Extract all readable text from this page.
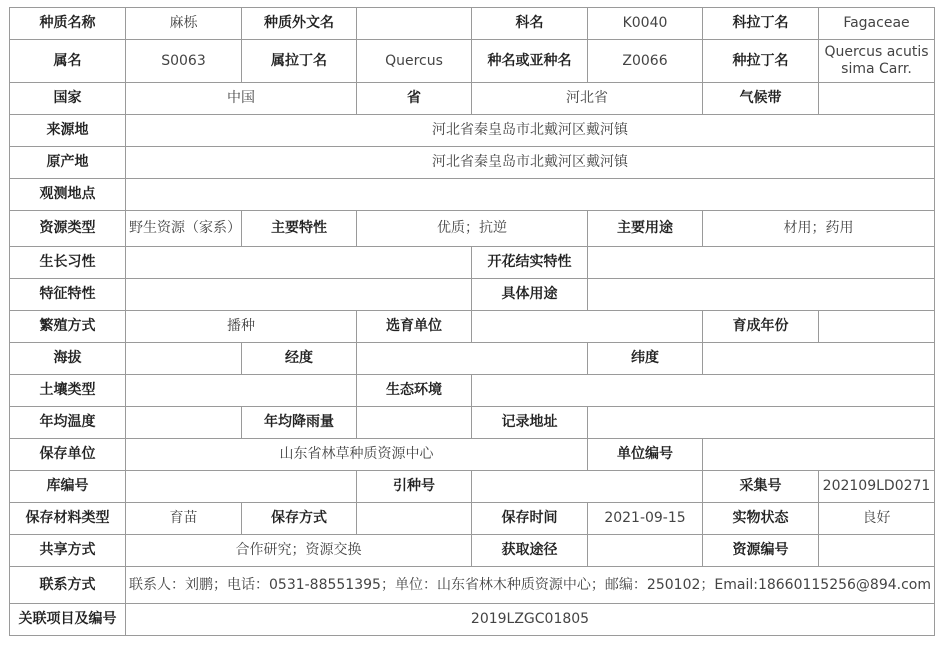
种质名称	麻栎	种质外文名		科名	K0040	科拉丁名	Fagaceae
属名	S0063	属拉丁名	Quercus	种名或亚种名	Z0066	种拉丁名	Quercus acutissima Carr.
国家	中国		省	河北省		气候带	
来源地	河北省秦皇岛市北戴河区戴河镇						
原产地	河北省秦皇岛市北戴河区戴河镇						
观测地点							
资源类型	野生资源（家系）	主要特性	优质；抗逆		主要用途	材用；药用	
生长习性				开花结实特性			
特征特性				具体用途			
繁殖方式	播种		选育单位			育成年份	
海拔		经度			纬度		
土壤类型			生态环境				
年均温度		年均降雨量		记录地址			
保存单位	山东省林草种质资源中心				单位编号		
库编号			引种号			采集号	202109LD0271
保存材料类型	育苗	保存方式		保存时间	2021-09-15	实物状态	良好
共享方式	合作研究；资源交换			获取途径		资源编号	
联系方式	联系人：刘鹏；电话：0531-88551395；单位：山东省林木种质资源中心；邮编：250102；Email:18660115256@894.com						
关联项目及编号	2019LZGC01805						
